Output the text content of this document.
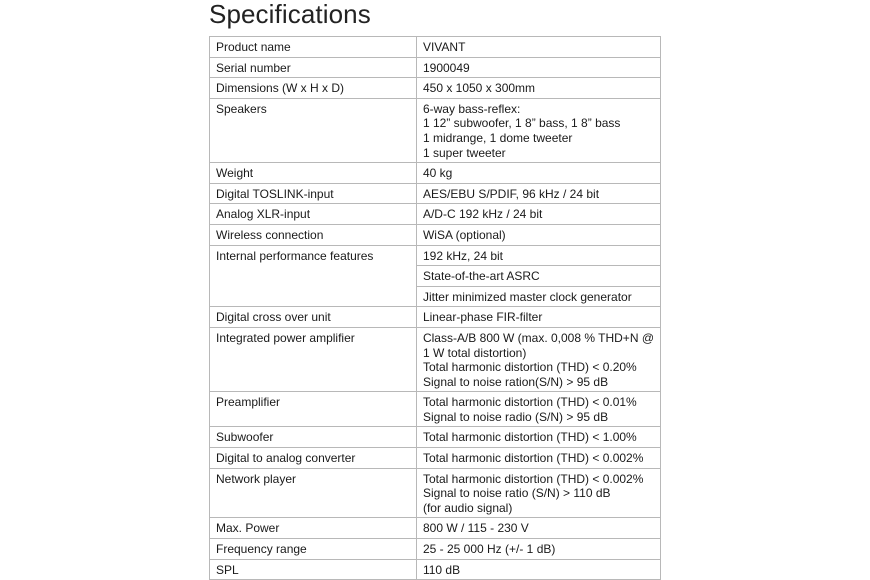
Specifications
Product name	VIVANT

Serial number	1900049

Dimensions (W x H x D)	450 x 1050 x 300mm

Speakers	6-way bass-reflex:
1 12” subwoofer, 1 8” bass, 1 8” bass
1 midrange, 1 dome tweeter
1 super tweeter

Weight	40 kg

Digital TOSLINK-input	AES/EBU S/PDIF, 96 kHz / 24 bit

Analog XLR-input	A/D-C 192 kHz / 24 bit

Wireless connection	WiSA (optional)

Internal performance features	192 kHz, 24 bit

	State-of-the-art ASRC

	Jitter minimized master clock generator

Digital cross over unit	Linear-phase FIR-filter

Integrated power amplifier	Class-A/B 800 W (max. 0,008 % THD+N @
1 W total distortion)
Total harmonic distortion (THD) < 0.20%
Signal to noise ration(S/N) > 95 dB

Preamplifier	Total harmonic distortion (THD) < 0.01%
Signal to noise radio (S/N) > 95 dB

Subwoofer	Total harmonic distortion (THD) < 1.00%

Digital to analog converter	Total harmonic distortion (THD) < 0.002%

Network player	Total harmonic distortion (THD) < 0.002%
Signal to noise ratio (S/N) > 110 dB
(for audio signal)

Max. Power	800 W / 115 - 230 V

Frequency range	25 - 25 000 Hz (+/- 1 dB)

SPL	110 dB
